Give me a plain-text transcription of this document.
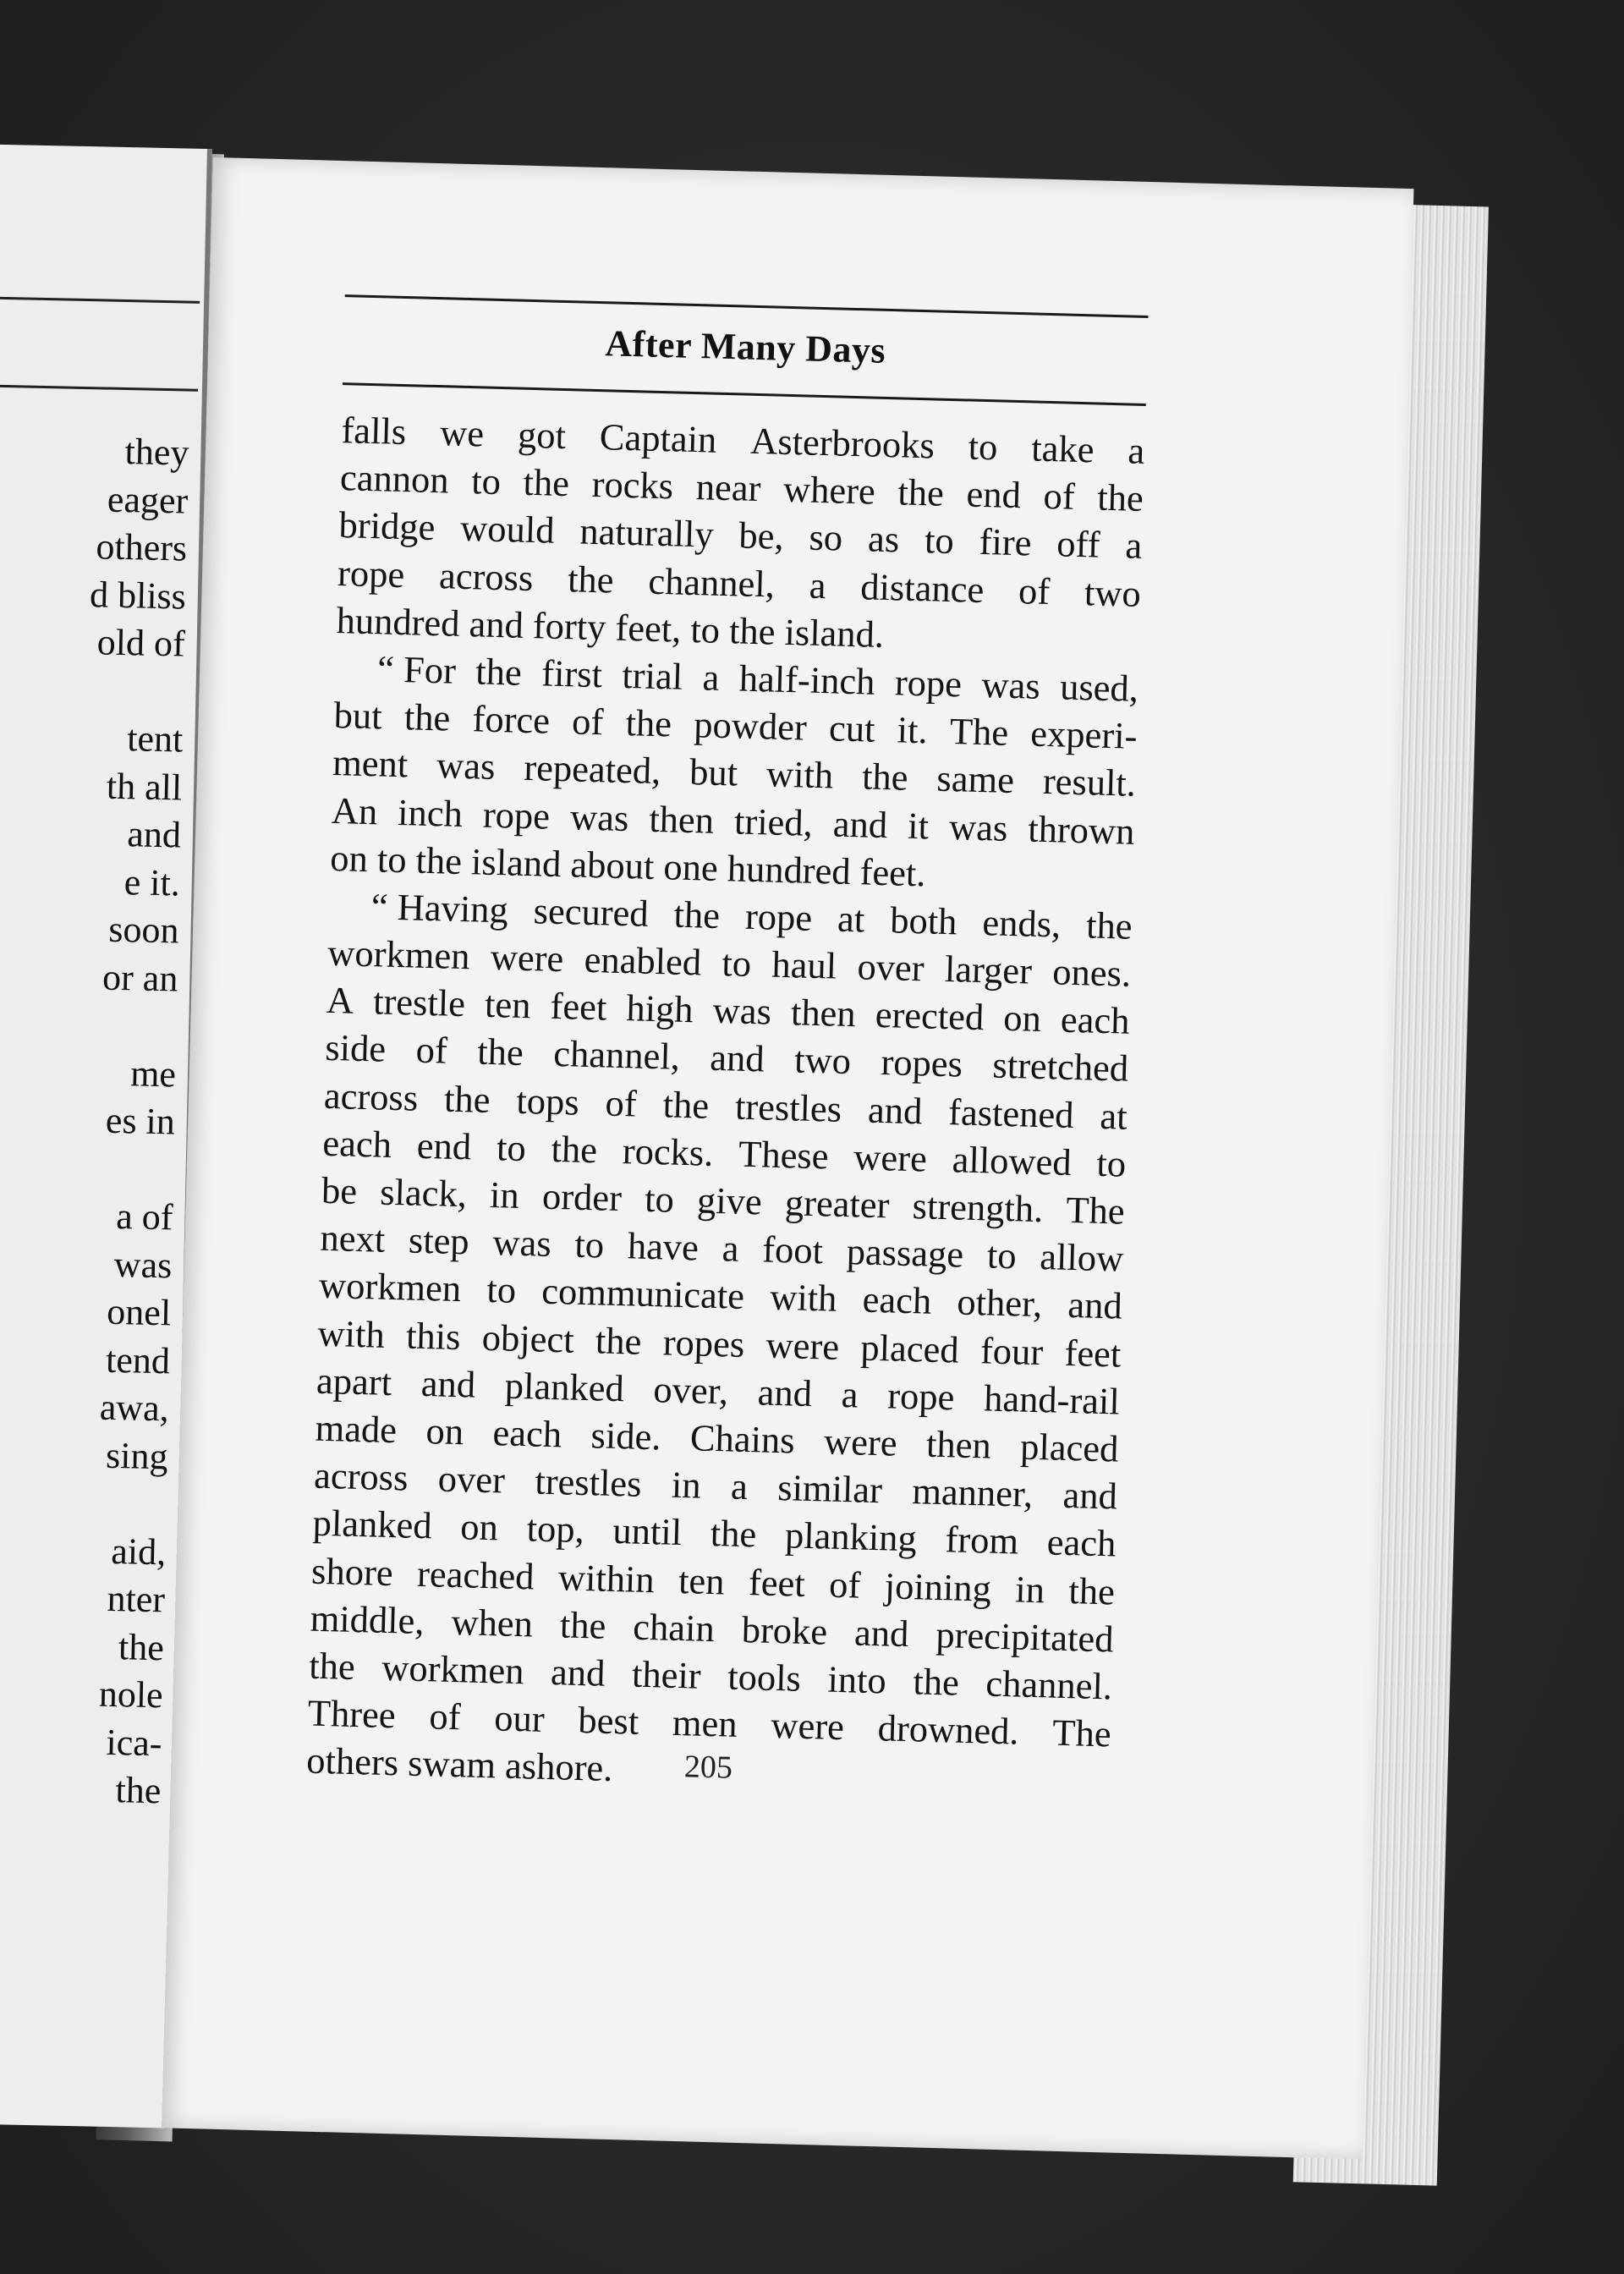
they
eager
others
d bliss
old of
tent
th all
and
e it.
soon
or an
me
es in
a of
was
onel
tend
awa,
sing
aid,
nter
the
nole
ica-
the
After Many Days
falls we got Captain Asterbrooks to take a
cannon to the rocks near where the end of the
bridge would naturally be, so as to fire off a
rope across the channel, a distance of two
hundred and forty feet, to the island.
“ For the first trial a half-inch rope was used,
but the force of the powder cut it. The experi-
ment was repeated, but with the same result.
An inch rope was then tried, and it was thrown
on to the island about one hundred feet.
“ Having secured the rope at both ends, the
workmen were enabled to haul over larger ones.
A trestle ten feet high was then erected on each
side of the channel, and two ropes stretched
across the tops of the trestles and fastened at
each end to the rocks. These were allowed to
be slack, in order to give greater strength. The
next step was to have a foot passage to allow
workmen to communicate with each other, and
with this object the ropes were placed four feet
apart and planked over, and a rope hand-rail
made on each side. Chains were then placed
across over trestles in a similar manner, and
planked on top, until the planking from each
shore reached within ten feet of joining in the
middle, when the chain broke and precipitated
the workmen and their tools into the channel.
Three of our best men were drowned. The
others swam ashore.	205
